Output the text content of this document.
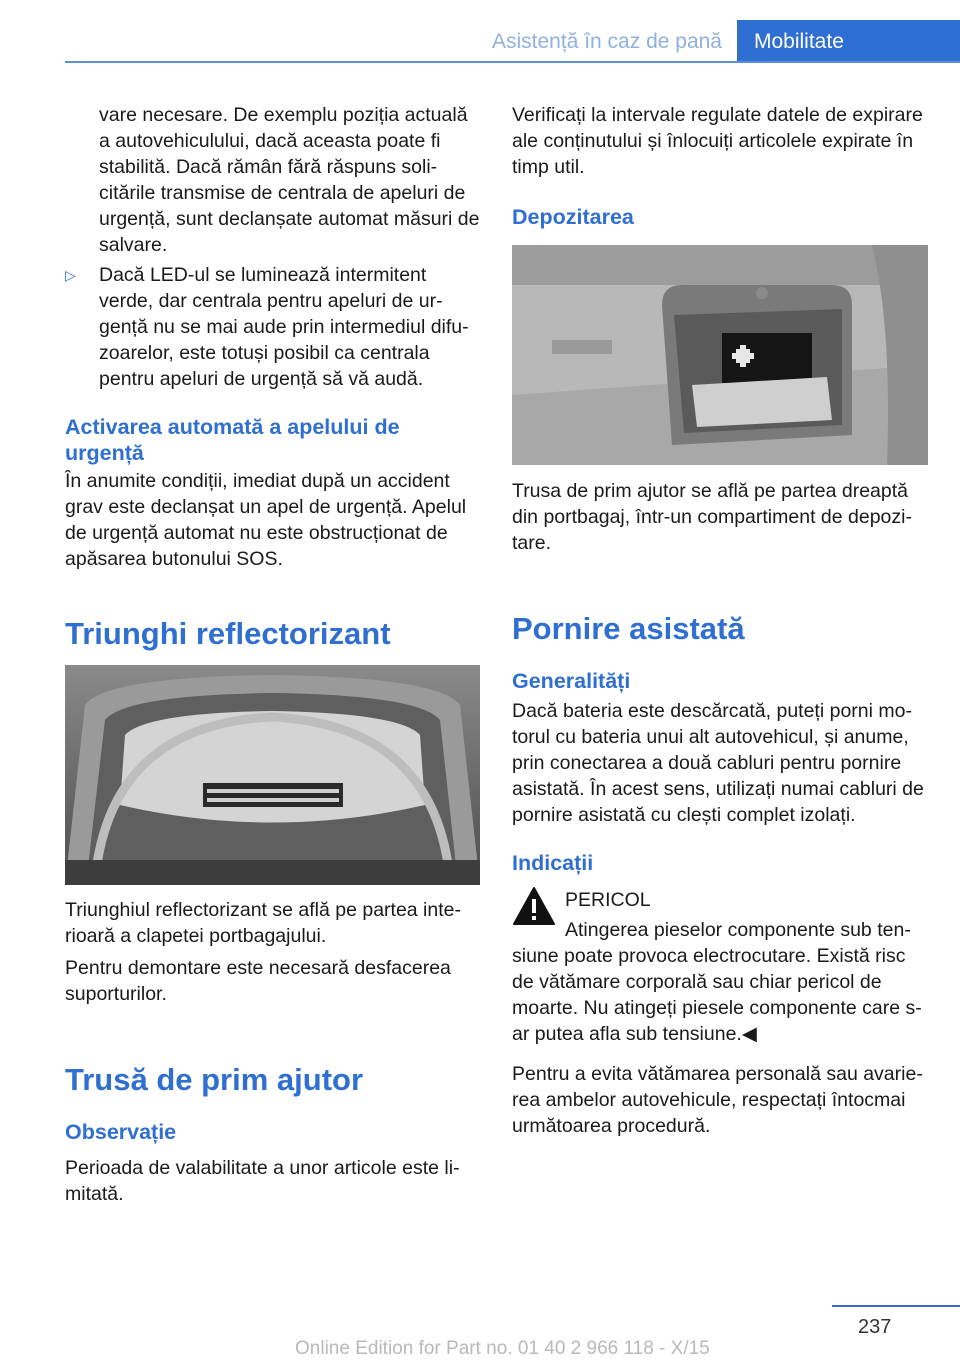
Asistență în caz de pană Mobilitate
vare necesare. De exemplu poziția actuală a autovehiculului, dacă aceasta poate fi stabilită. Dacă rămân fără răspuns solicitările transmise de centrala de apeluri de urgență, sunt declanșate automat măsuri de salvare.
▷	Dacă LED-ul se luminează intermitent verde, dar centrala pentru apeluri de urgență nu se mai aude prin intermediul difuzoarelor, este totuși posibil ca centrala pentru apeluri de urgență să vă audă.
Activarea automată a apelului de urgență
În anumite condiții, imediat după un accident grav este declanșat un apel de urgență. Apelul de urgență automat nu este obstrucționat de apăsarea butonului SOS.
Triunghi reflectorizant
Triunghiul reflectorizant se află pe partea interioară a clapetei portbagajului.
Pentru demontare este necesară desfacerea suporturilor.
Trusă de prim ajutor
Observație
Perioada de valabilitate a unor articole este limitată.
Verificați la intervale regulate datele de expirare ale conținutului și înlocuiți articolele expirate în timp util.
Depozitarea
Trusa de prim ajutor se află pe partea dreaptă din portbagaj, într-un compartiment de depozitare.
Pornire asistată
Generalități
Dacă bateria este descărcată, puteți porni motorul cu bateria unui alt autovehicul, și anume, prin conectarea a două cabluri pentru pornire asistată. În acest sens, utilizați numai cabluri de pornire asistată cu clești complet izolați.
Indicații
PERICOL
Atingerea pieselor componente sub tensiune poate provoca electrocutare. Există risc de vătămare corporală sau chiar pericol de moarte. Nu atingeți piesele componente care s-ar putea afla sub tensiune.◀
Pentru a evita vătămarea personală sau avarierea ambelor autovehicule, respectați întocmai următoarea procedură.
237
Online Edition for Part no. 01 40 2 966 118 - X/15
